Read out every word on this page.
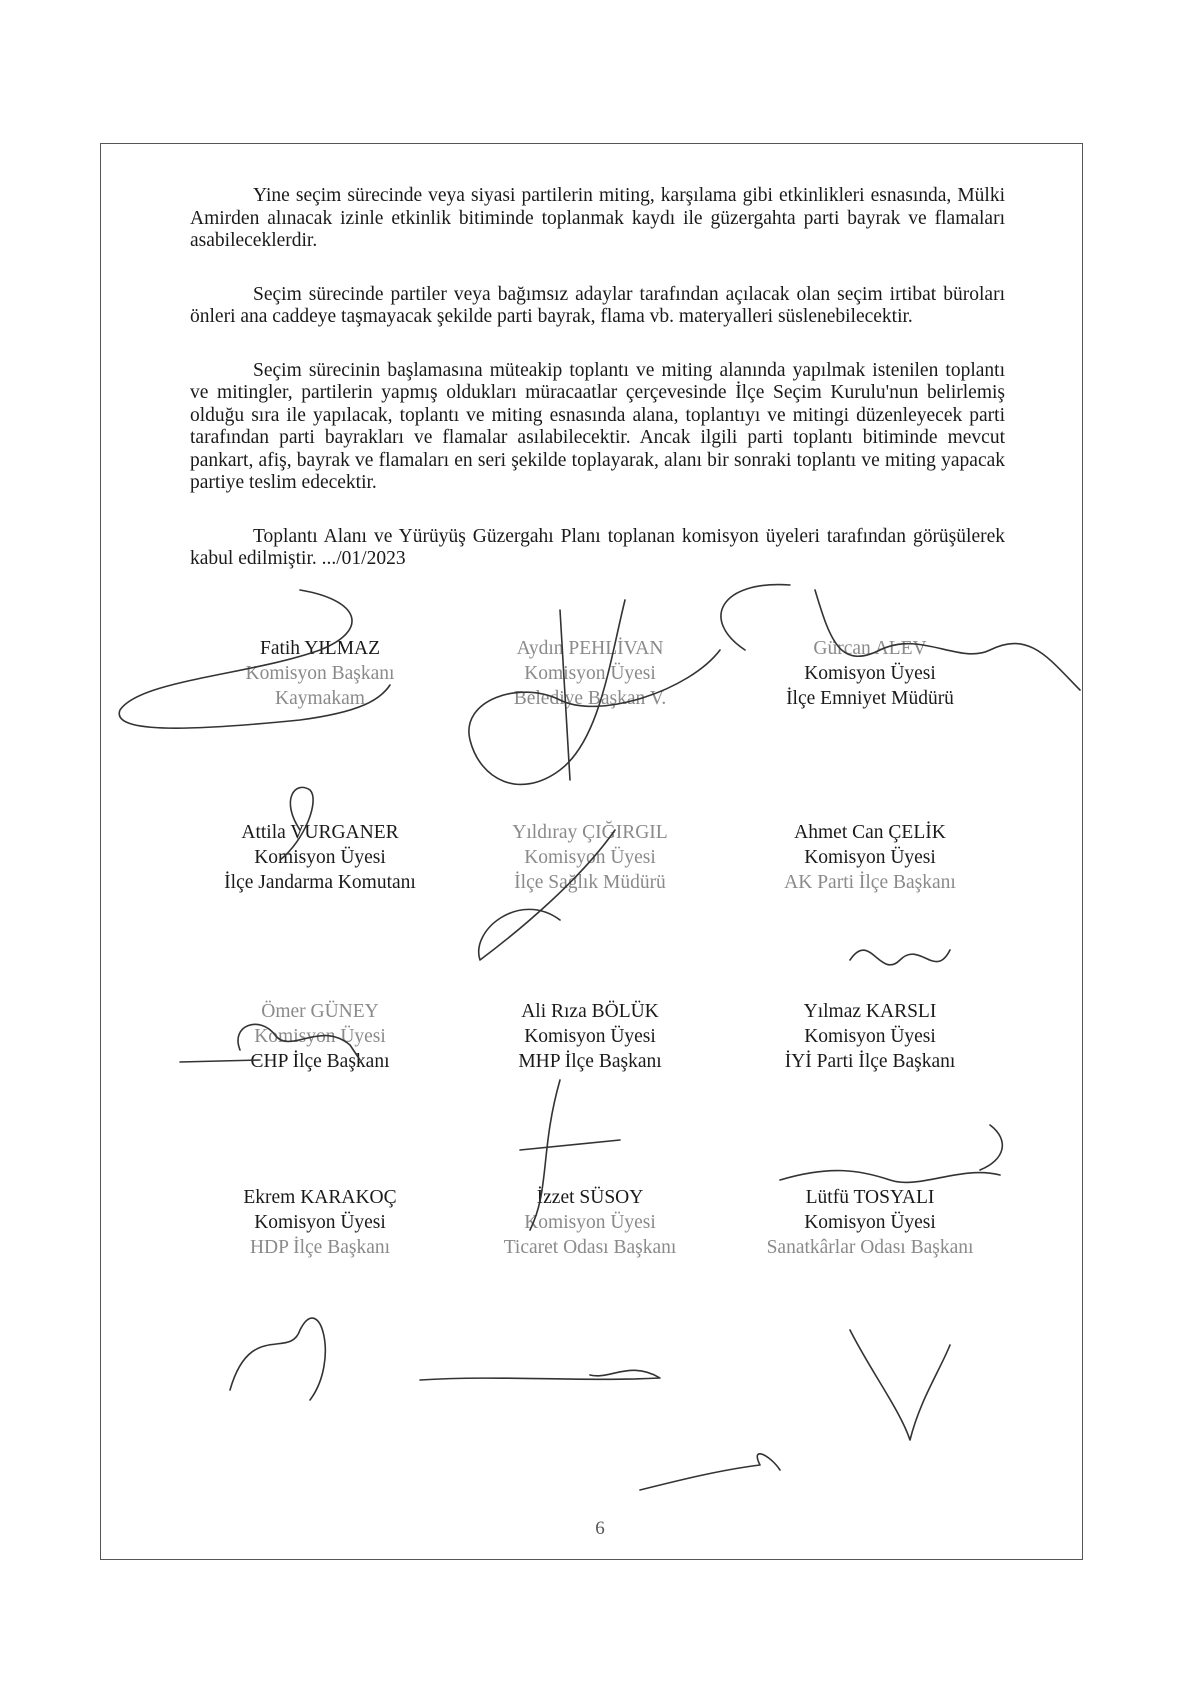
Yine seçim sürecinde veya siyasi partilerin miting, karşılama gibi etkinlikleri esnasında, Mülki Amirden alınacak izinle etkinlik bitiminde toplanmak kaydı ile güzergahta parti bayrak ve flamaları asabileceklerdir.

Seçim sürecinde partiler veya bağımsız adaylar tarafından açılacak olan seçim irtibat büroları önleri ana caddeye taşmayacak şekilde parti bayrak, flama vb. materyalleri süslenebilecektir.

Seçim sürecinin başlamasına müteakip toplantı ve miting alanında yapılmak istenilen toplantı ve mitingler, partilerin yapmış oldukları müracaatlar çerçevesinde İlçe Seçim Kurulu'nun belirlemiş olduğu sıra ile yapılacak, toplantı ve miting esnasında alana, toplantıyı ve mitingi düzenleyecek parti tarafından parti bayrakları ve flamalar asılabilecektir. Ancak ilgili parti toplantı bitiminde mevcut pankart, afiş, bayrak ve flamaları en seri şekilde toplayarak, alanı bir sonraki toplantı ve miting yapacak partiye teslim edecektir.

Toplantı Alanı ve Yürüyüş Güzergahı Planı toplanan komisyon üyeleri tarafından görüşülerek kabul edilmiştir. .../01/2023

Fatih YILMAZ
Komisyon Başkanı
Kaymakam
Aydın PEHLİVAN
Komisyon Üyesi
Belediye Başkan V.
Gürcan ALEV
Komisyon Üyesi
İlçe Emniyet Müdürü
Attila VURGANER
Komisyon Üyesi
İlçe Jandarma Komutanı
Yıldıray ÇIĞIRGIL
Komisyon Üyesi
İlçe Sağlık Müdürü
Ahmet Can ÇELİK
Komisyon Üyesi
AK Parti İlçe Başkanı
Ömer GÜNEY
Komisyon Üyesi
CHP İlçe Başkanı
Ali Rıza BÖLÜK
Komisyon Üyesi
MHP İlçe Başkanı
Yılmaz KARSLI
Komisyon Üyesi
İYİ Parti İlçe Başkanı
Ekrem KARAKOÇ
Komisyon Üyesi
HDP İlçe Başkanı
İzzet SÜSOY
Komisyon Üyesi
Ticaret Odası Başkanı
Lütfü TOSYALI
Komisyon Üyesi
Sanatkârlar Odası Başkanı
6
